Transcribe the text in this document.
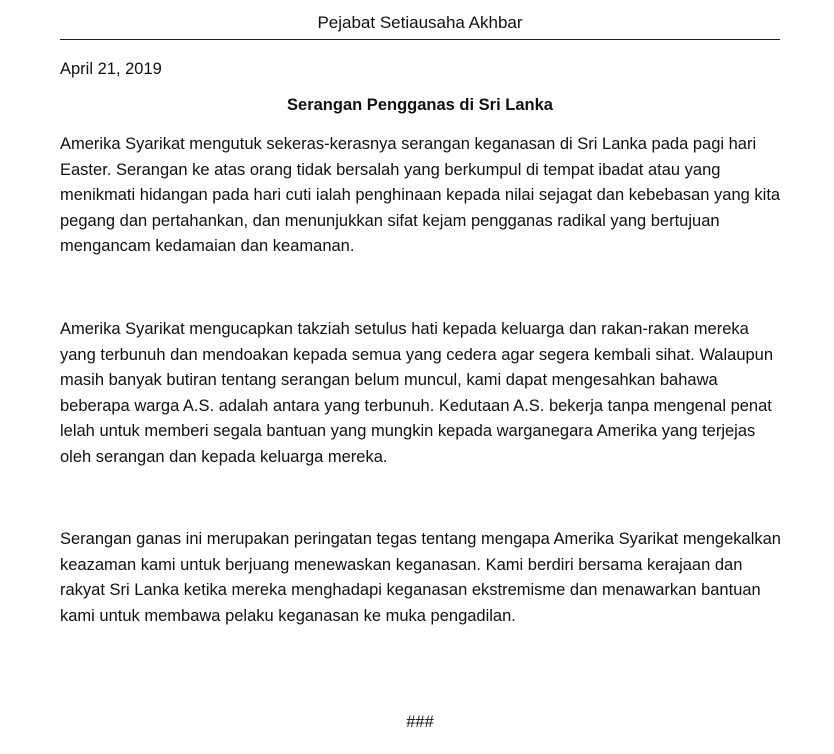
Pejabat Setiausaha Akhbar
April 21, 2019
Serangan Pengganas di Sri Lanka

Amerika Syarikat mengutuk sekeras-kerasnya serangan keganasan di Sri Lanka pada pagi hari Easter. Serangan ke atas orang tidak bersalah yang berkumpul di tempat ibadat atau yang menikmati hidangan pada hari cuti ialah penghinaan kepada nilai sejagat dan kebebasan yang kita pegang dan pertahankan, dan menunjukkan sifat kejam pengganas radikal yang bertujuan mengancam kedamaian dan keamanan.

Amerika Syarikat mengucapkan takziah setulus hati kepada keluarga dan rakan-rakan mereka yang terbunuh dan mendoakan kepada semua yang cedera agar segera kembali sihat. Walaupun masih banyak butiran tentang serangan belum muncul, kami dapat mengesahkan bahawa beberapa warga A.S. adalah antara yang terbunuh. Kedutaan A.S. bekerja tanpa mengenal penat lelah untuk memberi segala bantuan yang mungkin kepada warganegara Amerika yang terjejas oleh serangan dan kepada keluarga mereka.

Serangan ganas ini merupakan peringatan tegas tentang mengapa Amerika Syarikat mengekalkan keazaman kami untuk berjuang menewaskan keganasan. Kami berdiri bersama kerajaan dan rakyat Sri Lanka ketika mereka menghadapi keganasan ekstremisme dan menawarkan bantuan kami untuk membawa pelaku keganasan ke muka pengadilan.

###
